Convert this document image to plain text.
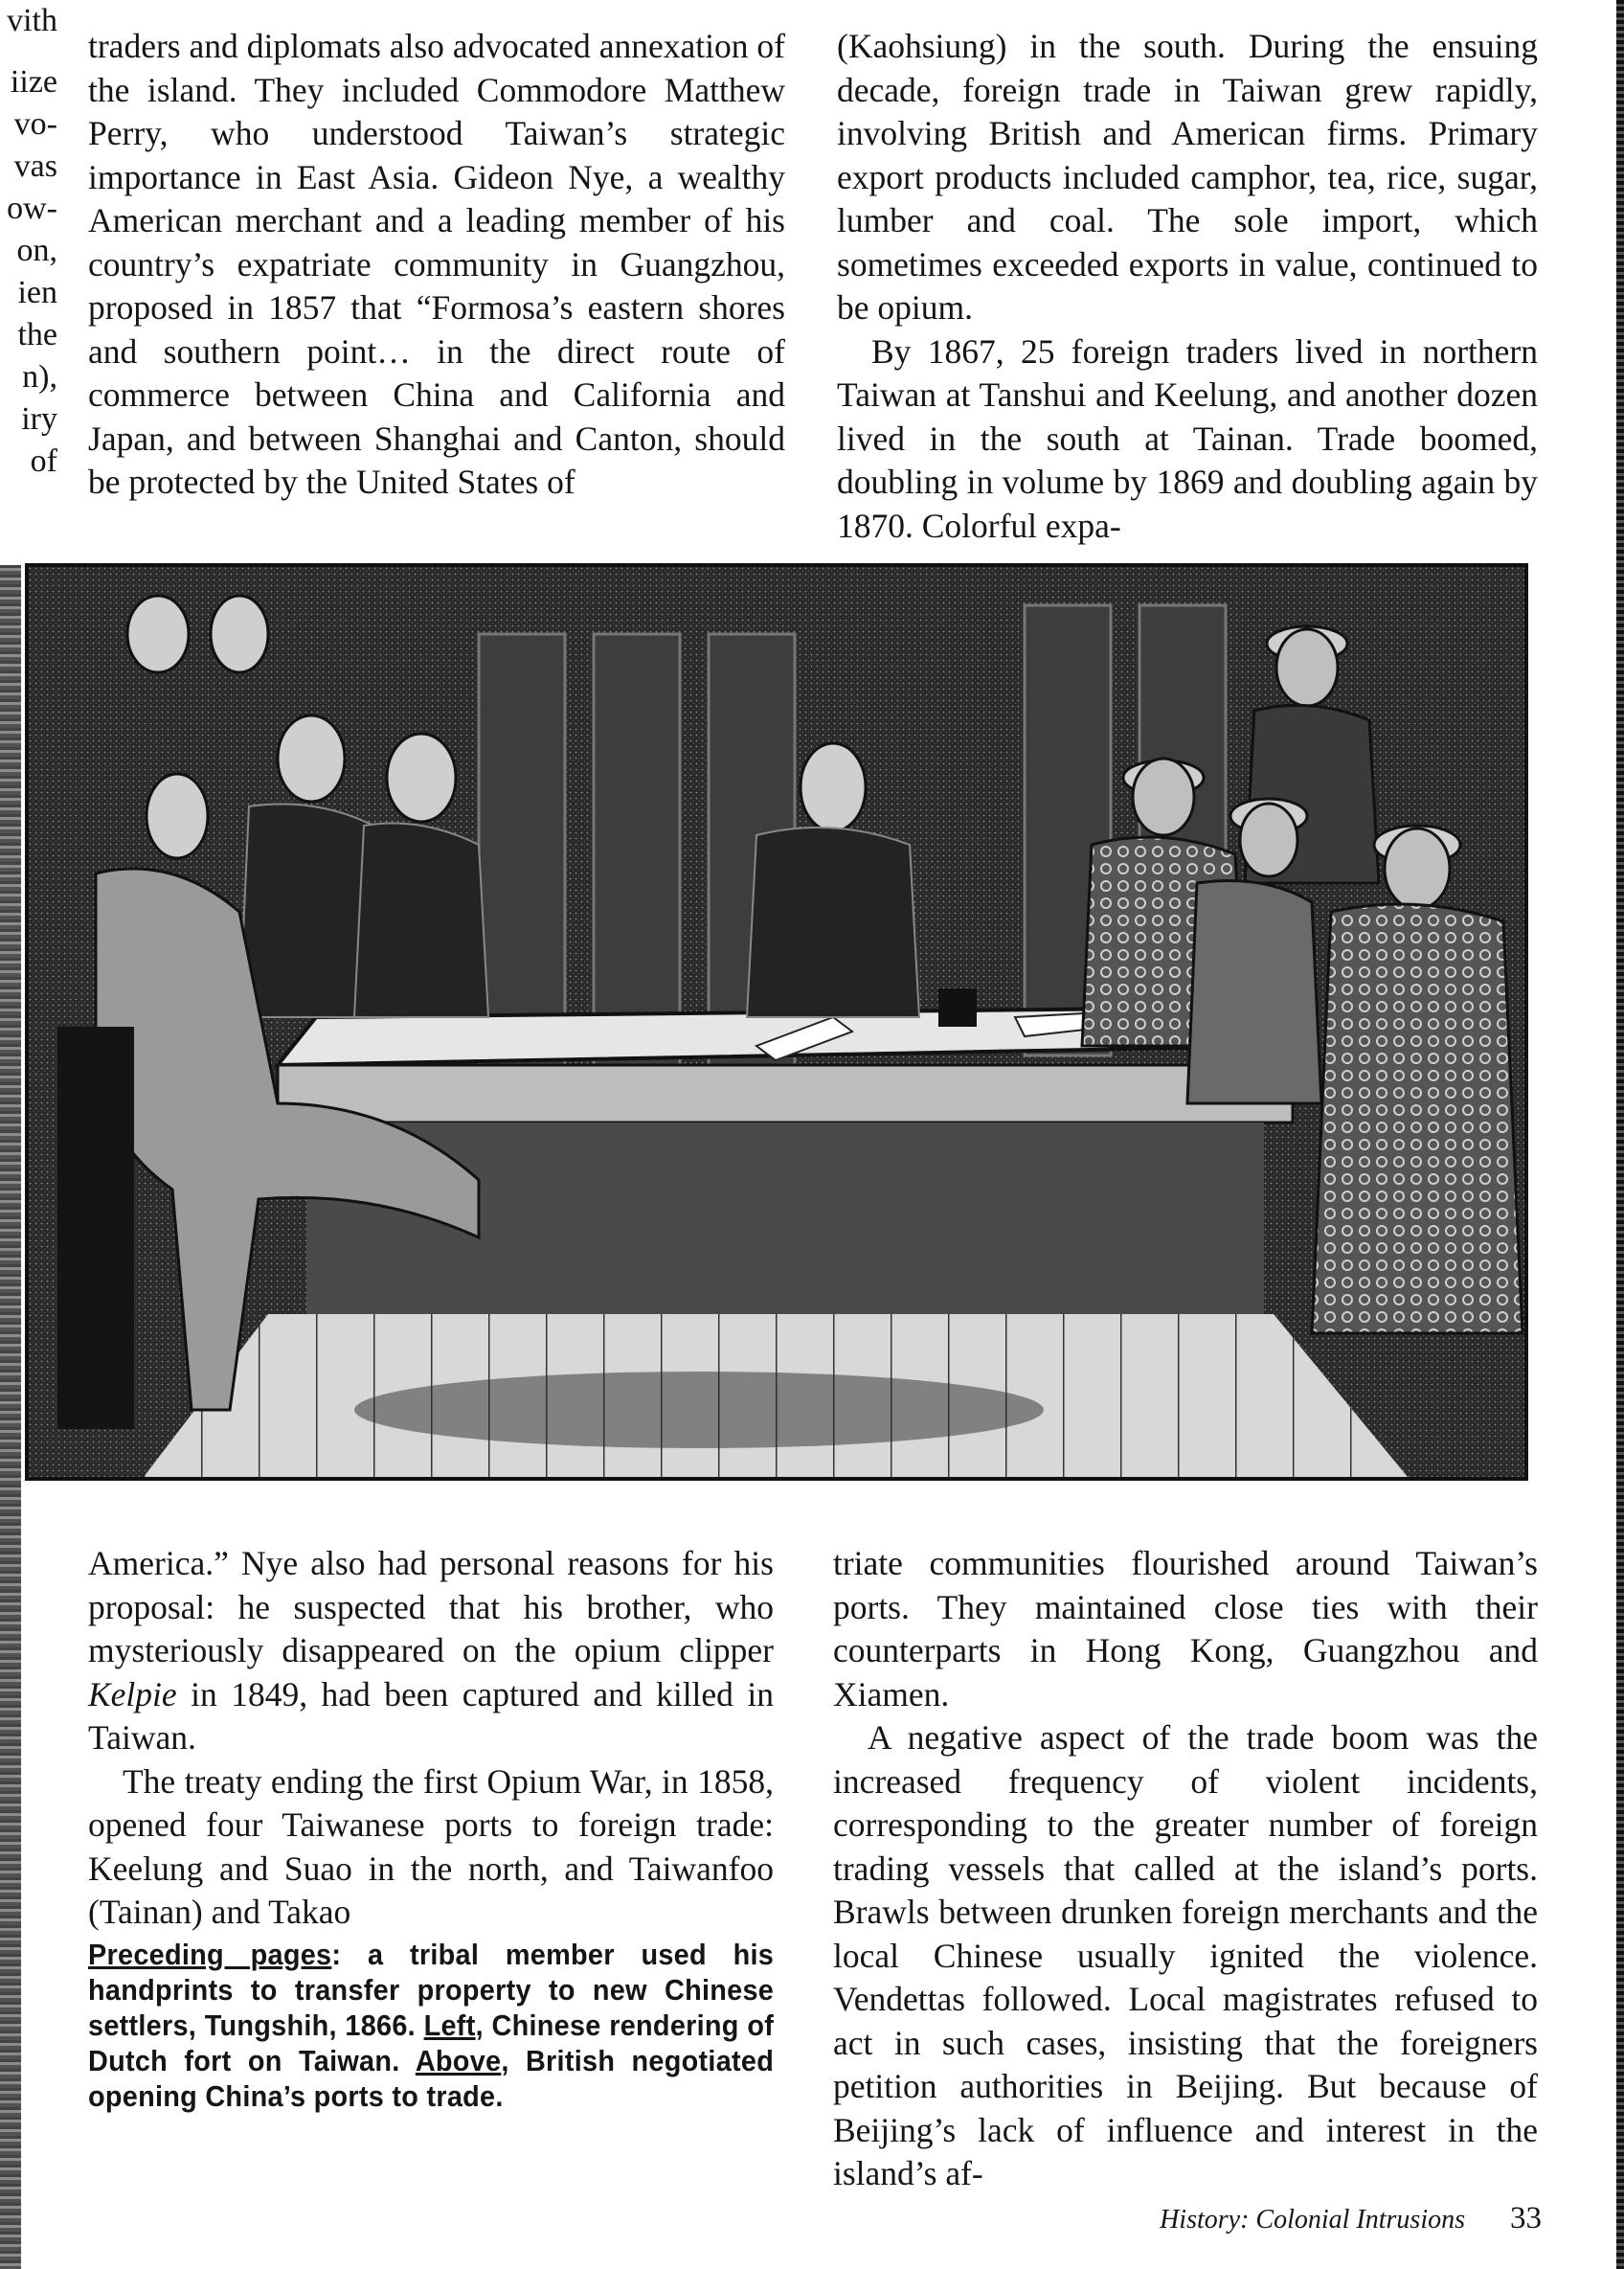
vith
iize
vo-
vas
ow-
on,
ien
the
n),
iry
of

traders and diplomats also advocated annexation of the island. They included Commodore Matthew Perry, who understood Taiwan’s strategic importance in East Asia. Gideon Nye, a wealthy American merchant and a leading member of his country’s expatriate community in Guangzhou, proposed in 1857 that “Formosa’s eastern shores and southern point… in the direct route of commerce between China and California and Japan, and between Shanghai and Canton, should be protected by the United States of

(Kaohsiung) in the south. During the ensuing decade, foreign trade in Taiwan grew rapidly, involving British and American firms. Primary export products included camphor, tea, rice, sugar, lumber and coal. The sole import, which sometimes exceeded exports in value, continued to be opium.

By 1867, 25 foreign traders lived in northern Taiwan at Tanshui and Keelung, and another dozen lived in the south at Tainan. Trade boomed, doubling in volume by 1869 and doubling again by 1870. Colorful expa-

America.” Nye also had personal reasons for his proposal: he suspected that his brother, who mysteriously disappeared on the opium clipper Kelpie in 1849, had been captured and killed in Taiwan.

The treaty ending the first Opium War, in 1858, opened four Taiwanese ports to foreign trade: Keelung and Suao in the north, and Taiwanfoo (Tainan) and Takao

triate communities flourished around Taiwan’s ports. They maintained close ties with their counterparts in Hong Kong, Guangzhou and Xiamen.

A negative aspect of the trade boom was the increased frequency of violent incidents, corresponding to the greater number of foreign trading vessels that called at the island’s ports. Brawls between drunken foreign merchants and the local Chinese usually ignited the violence. Vendettas followed. Local magistrates refused to act in such cases, insisting that the foreigners petition authorities in Beijing. But because of Beijing’s lack of influence and interest in the island’s af-

Preceding pages: a tribal member used his handprints to transfer property to new Chinese settlers, Tungshih, 1866. Left, Chinese rendering of Dutch fort on Taiwan. Above, British negotiated opening China’s ports to trade.
History: Colonial Intrusions 33
